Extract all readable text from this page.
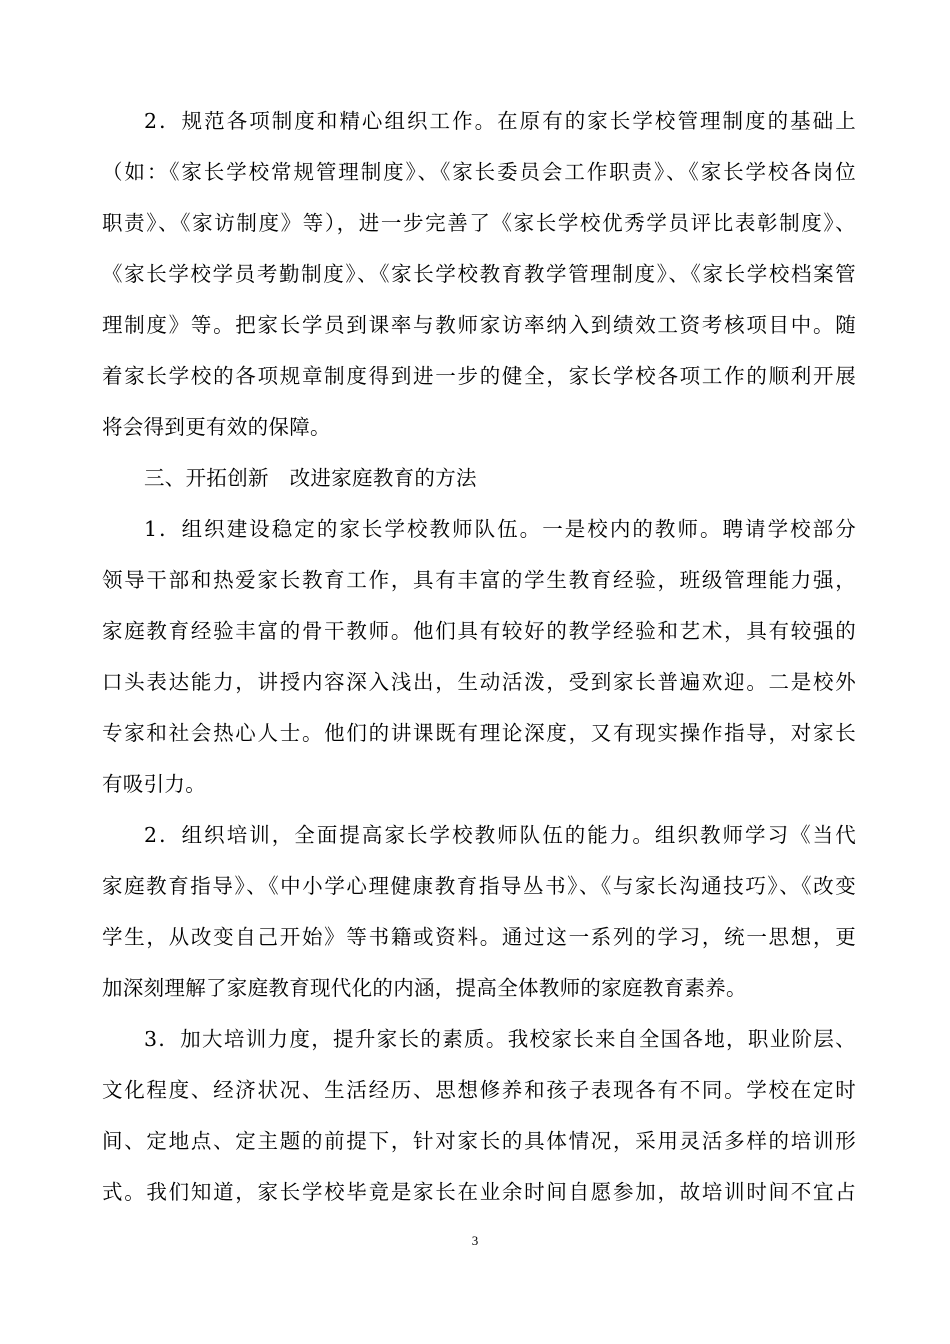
2．规范各项制度和精心组织工作。在原有的家长学校管理制度的基础上
（如：《家长学校常规管理制度》、《家长委员会工作职责》、《家长学校各岗位
职责》、《家访制度》等），进一步完善了《家长学校优秀学员评比表彰制度》、
《家长学校学员考勤制度》、《家长学校教育教学管理制度》、《家长学校档案管
理制度》等。把家长学员到课率与教师家访率纳入到绩效工资考核项目中。随
着家长学校的各项规章制度得到进一步的健全，家长学校各项工作的顺利开展
将会得到更有效的保障。
三、开拓创新　改进家庭教育的方法
1．组织建设稳定的家长学校教师队伍。一是校内的教师。聘请学校部分
领导干部和热爱家长教育工作，具有丰富的学生教育经验，班级管理能力强，
家庭教育经验丰富的骨干教师。他们具有较好的教学经验和艺术，具有较强的
口头表达能力，讲授内容深入浅出，生动活泼，受到家长普遍欢迎。二是校外
专家和社会热心人士。他们的讲课既有理论深度，又有现实操作指导，对家长
有吸引力。
2．组织培训，全面提高家长学校教师队伍的能力。组织教师学习《当代
家庭教育指导》、《中小学心理健康教育指导丛书》、《与家长沟通技巧》、《改变
学生，从改变自己开始》等书籍或资料。通过这一系列的学习，统一思想，更
加深刻理解了家庭教育现代化的内涵，提高全体教师的家庭教育素养。
3．加大培训力度，提升家长的素质。我校家长来自全国各地，职业阶层、
文化程度、经济状况、生活经历、思想修养和孩子表现各有不同。学校在定时
间、定地点、定主题的前提下，针对家长的具体情况，采用灵活多样的培训形
式。我们知道，家长学校毕竟是家长在业余时间自愿参加，故培训时间不宜占
3
